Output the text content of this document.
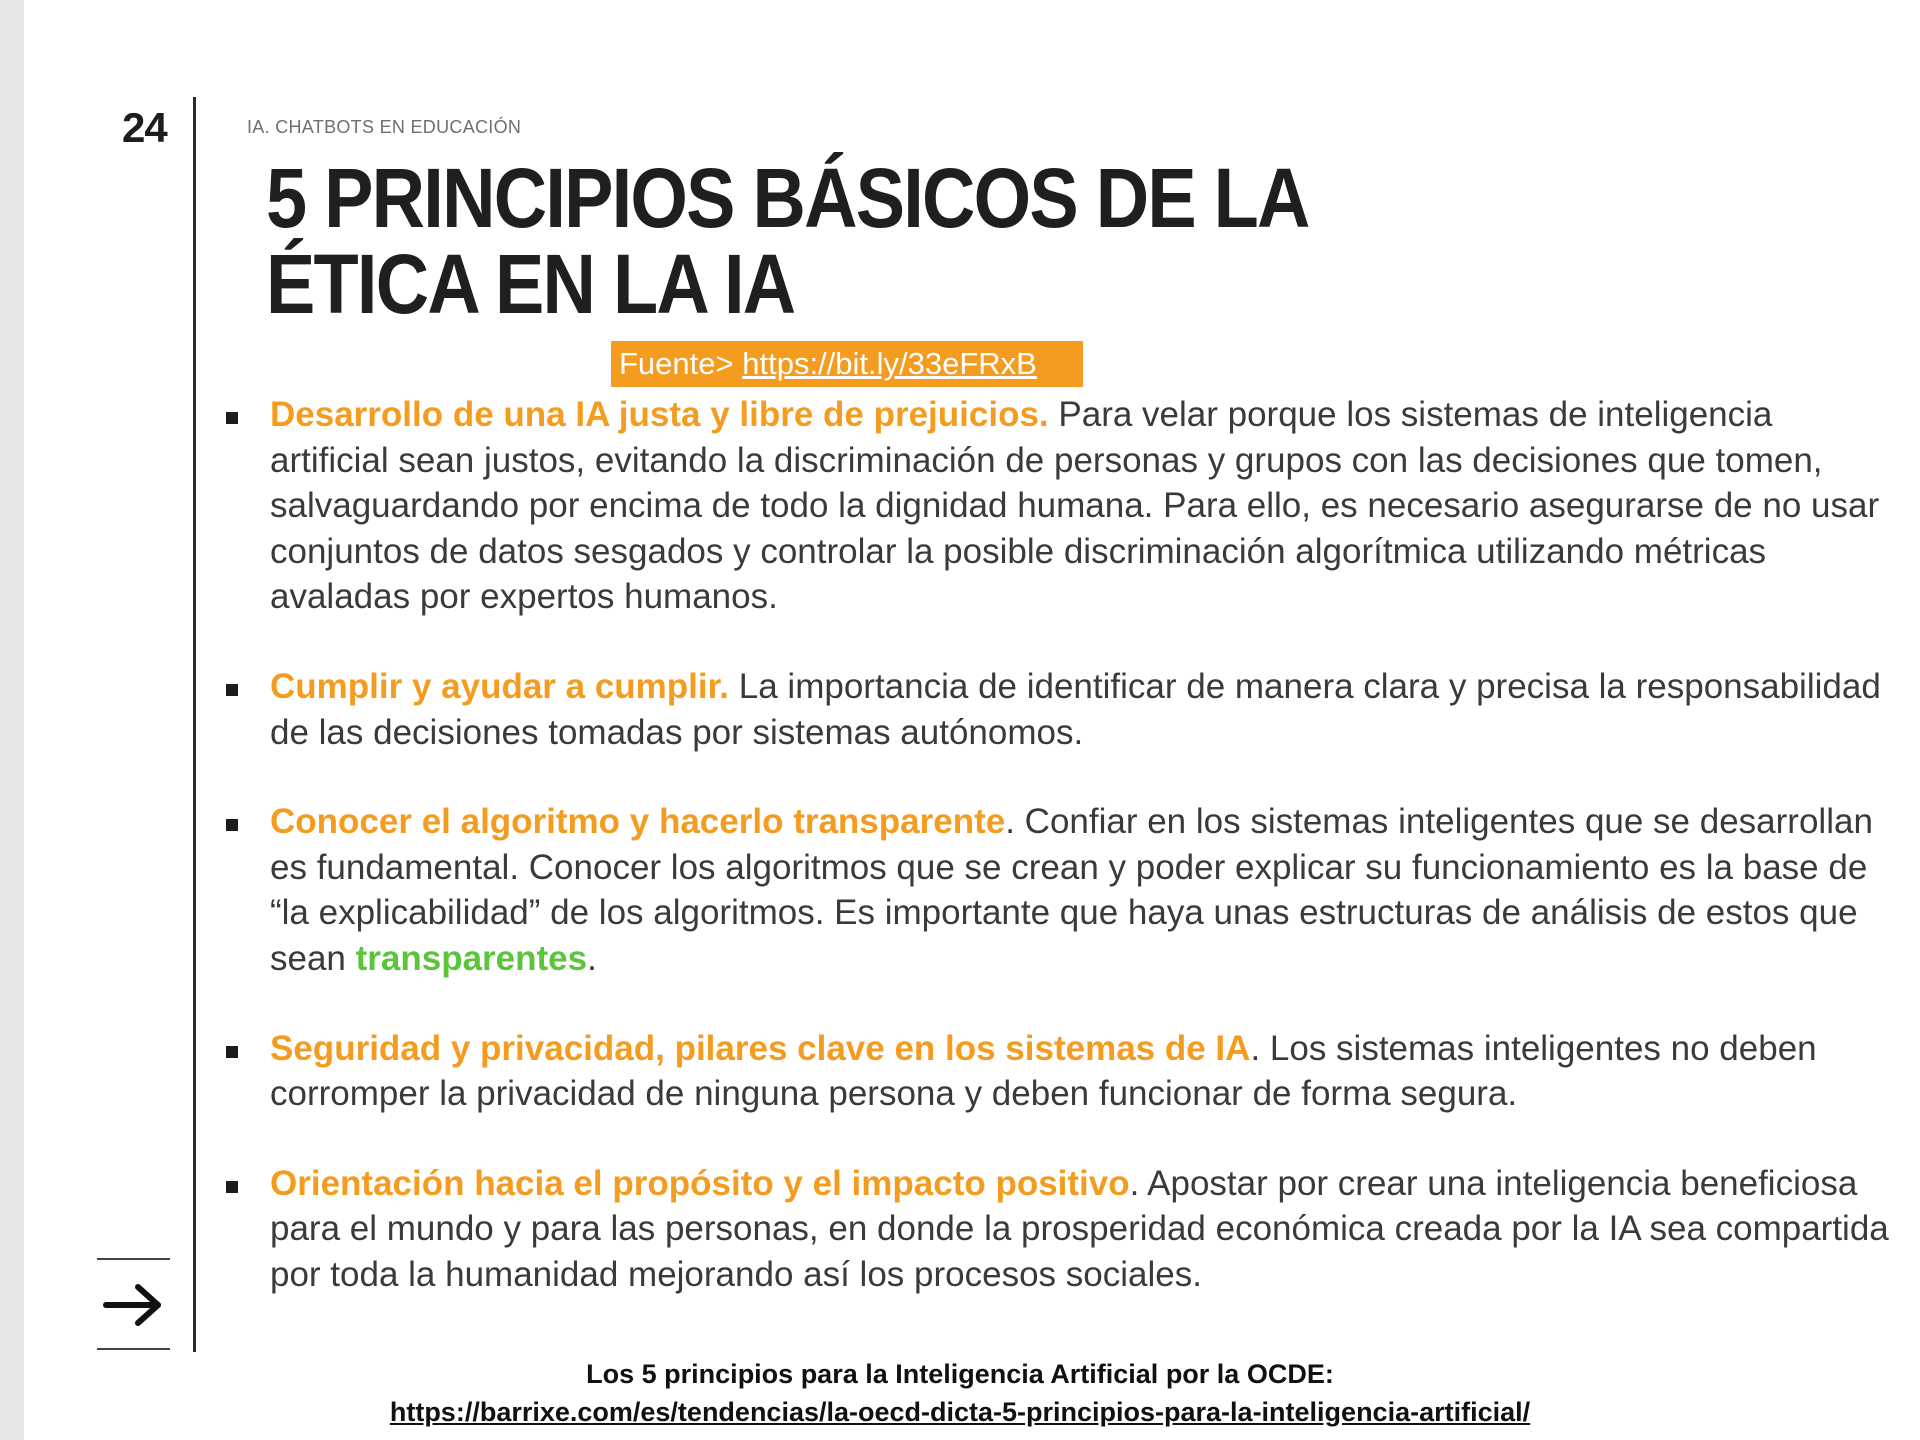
24	IA. CHATBOTS EN EDUCACIÓN
5 PRINCIPIOS BÁSICOS DE LA
ÉTICA EN LA IA
Fuente> https://bit.ly/33eFRxB
Desarrollo de una IA justa y libre de prejuicios. Para velar porque los sistemas de inteligencia artificial sean justos, evitando la discriminación de personas y grupos con las decisiones que tomen, salvaguardando por encima de todo la dignidad humana. Para ello, es necesario asegurarse de no usar conjuntos de datos sesgados y controlar la posible discriminación algorítmica utilizando métricas avaladas por expertos humanos.
Cumplir y ayudar a cumplir. La importancia de identificar de manera clara y precisa la responsabilidad de las decisiones tomadas por sistemas autónomos.
Conocer el algoritmo y hacerlo transparente. Confiar en los sistemas inteligentes que se desarrollan es fundamental. Conocer los algoritmos que se crean y poder explicar su funcionamiento es la base de “la explicabilidad” de los algoritmos. Es importante que haya unas estructuras de análisis de estos que sean transparentes.
Seguridad y privacidad, pilares clave en los sistemas de IA. Los sistemas inteligentes no deben corromper la privacidad de ninguna persona y deben funcionar de forma segura.
Orientación hacia el propósito y el impacto positivo. Apostar por crear una inteligencia beneficiosa para el mundo y para las personas, en donde la prosperidad económica creada por la IA sea compartida por toda la humanidad mejorando así los procesos sociales.
Los 5 principios para la Inteligencia Artificial por la OCDE:
https://barrixe.com/es/tendencias/la-oecd-dicta-5-principios-para-la-inteligencia-artificial/
